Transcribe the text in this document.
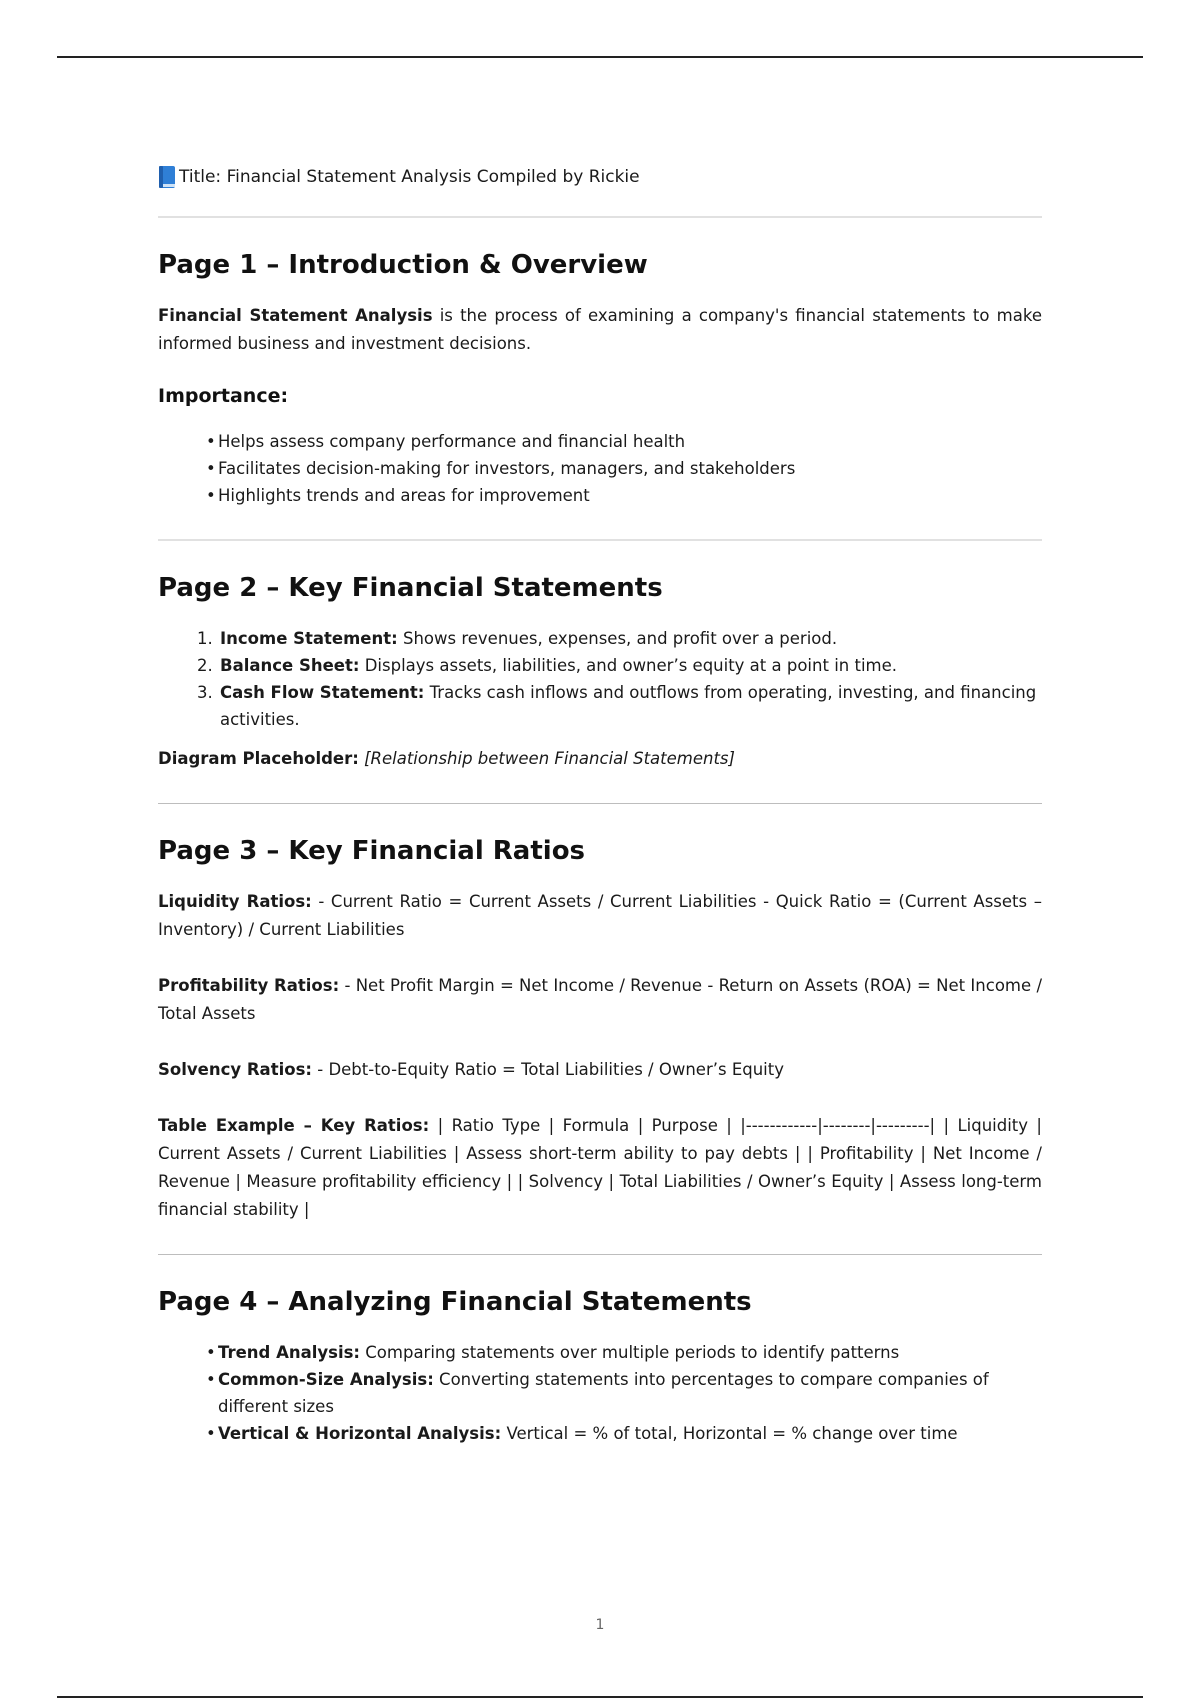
Title: Financial Statement Analysis Compiled by Rickie
Page 1 – Introduction & Overview

Financial Statement Analysis is the process of examining a company's financial statements to make informed business and investment decisions.

Importance:
• Helps assess company performance and financial health
• Facilitates decision-making for investors, managers, and stakeholders
• Highlights trends and areas for improvement
Page 2 – Key Financial Statements
1. Income Statement: Shows revenues, expenses, and profit over a period.
2. Balance Sheet: Displays assets, liabilities, and owner’s equity at a point in time.
3. Cash Flow Statement: Tracks cash inflows and outflows from operating, investing, and financing activities.

Diagram Placeholder: [Relationship between Financial Statements]

Page 3 – Key Financial Ratios

Liquidity Ratios: - Current Ratio = Current Assets / Current Liabilities - Quick Ratio = (Current Assets – Inventory) / Current Liabilities

Profitability Ratios: - Net Profit Margin = Net Income / Revenue - Return on Assets (ROA) = Net Income / Total Assets

Solvency Ratios: - Debt-to-Equity Ratio = Total Liabilities / Owner’s Equity

Table Example – Key Ratios: | Ratio Type | Formula | Purpose | |------------|--------|---------| | Liquidity | Current Assets / Current Liabilities | Assess short-term ability to pay debts | | Profitability | Net Income / Revenue | Measure profitability efficiency | | Solvency | Total Liabilities / Owner’s Equity | Assess long-term financial stability |

Page 4 – Analyzing Financial Statements
• Trend Analysis: Comparing statements over multiple periods to identify patterns
• Common-Size Analysis: Converting statements into percentages to compare companies of different sizes
• Vertical & Horizontal Analysis: Vertical = % of total, Horizontal = % change over time
1
